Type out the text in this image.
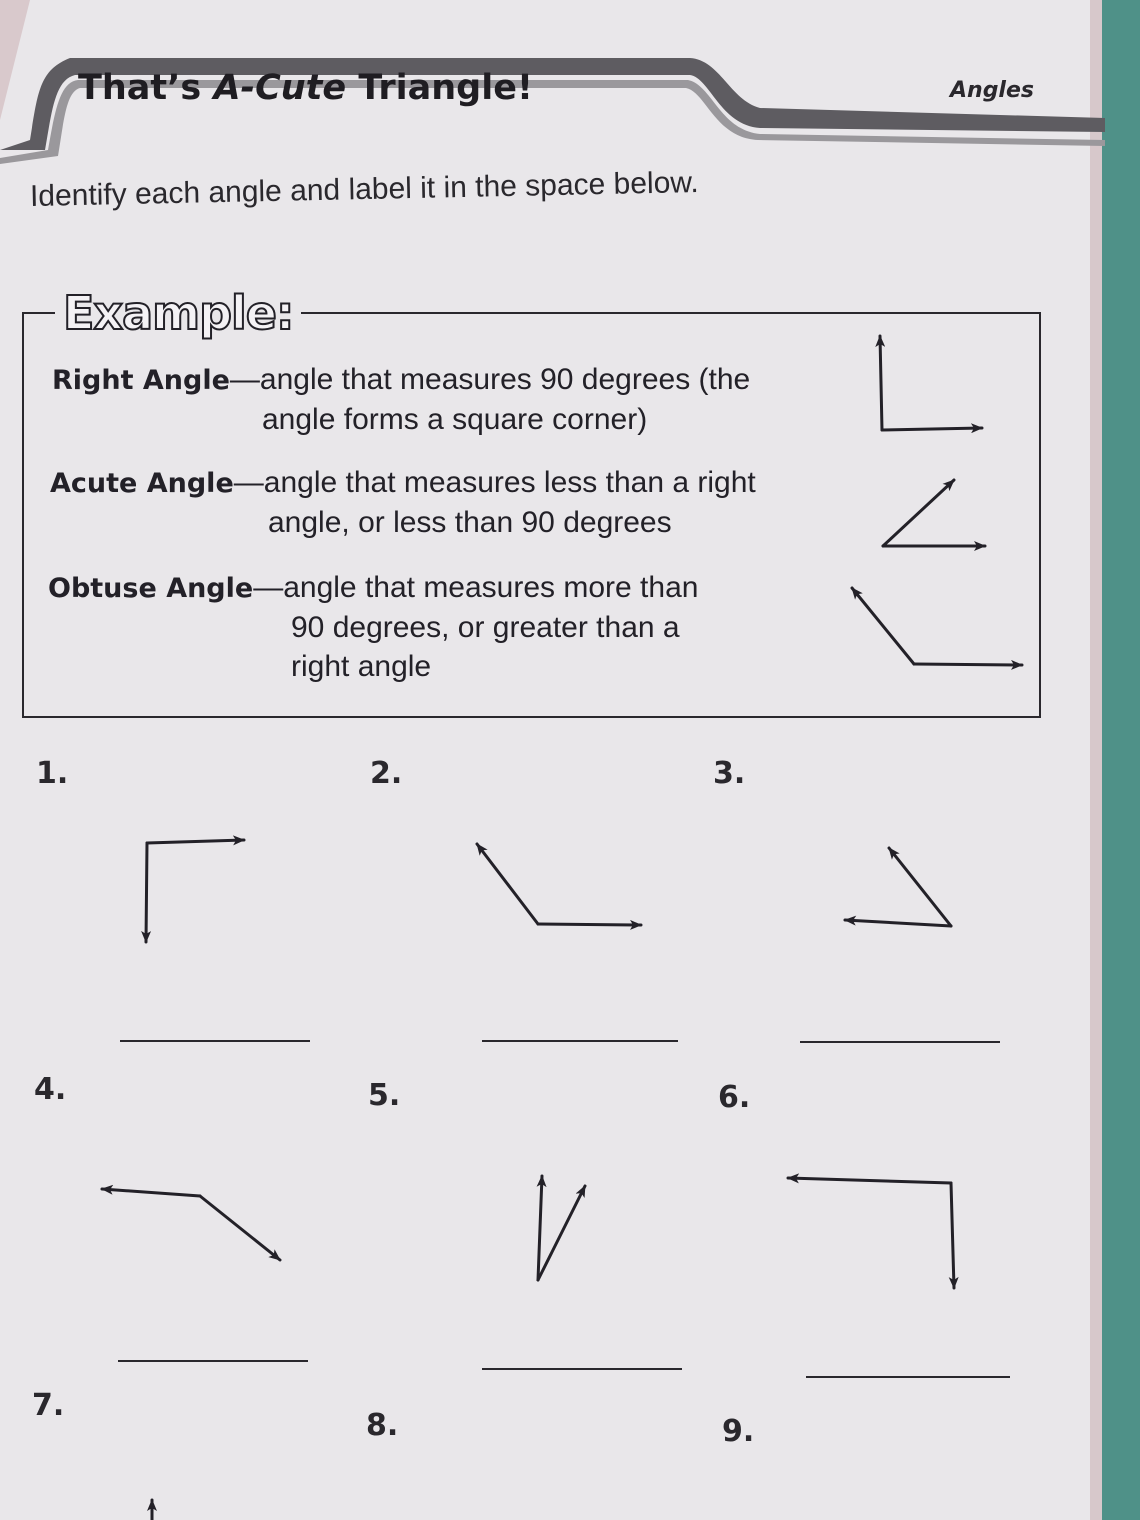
That’s A-Cute Triangle!	Angles

Identify each angle and label it in the space below.

Example:
Right Angle—angle that measures 90 degrees (the
angle forms a square corner)
Acute Angle—angle that measures less than a right
angle, or less than 90 degrees
Obtuse Angle—angle that measures more than
90 degrees, or greater than a
right angle
1.	2.	3.
4.	5.	6.
7.
8.	9.
